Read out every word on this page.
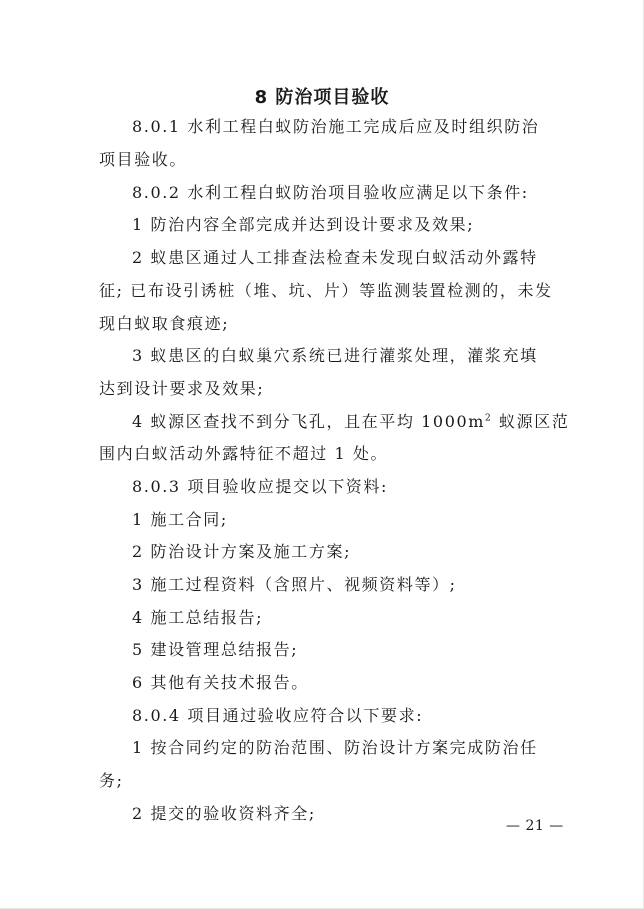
8 防治项目验收
8.0.1 水利工程白蚁防治施工完成后应及时组织防治
项目验收。
8.0.2 水利工程白蚁防治项目验收应满足以下条件:
1 防治内容全部完成并达到设计要求及效果;
2 蚁患区通过人工排查法检查未发现白蚁活动外露特
征; 已布设引诱桩（堆、坑、片）等监测装置检测的，未发
现白蚁取食痕迹;
3 蚁患区的白蚁巢穴系统已进行灌浆处理，灌浆充填
达到设计要求及效果;
4 蚁源区查找不到分飞孔，且在平均 $1000m^2$ 蚁源区范
围内白蚁活动外露特征不超过 1 处。
8.0.3 项目验收应提交以下资料:
1 施工合同;
2 防治设计方案及施工方案;
3 施工过程资料（含照片、视频资料等）;
4 施工总结报告;
5 建设管理总结报告;
6 其他有关技术报告。
8.0.4 项目通过验收应符合以下要求:
1 按合同约定的防治范围、防治设计方案完成防治任
务;
2 提交的验收资料齐全;
— 21 —
